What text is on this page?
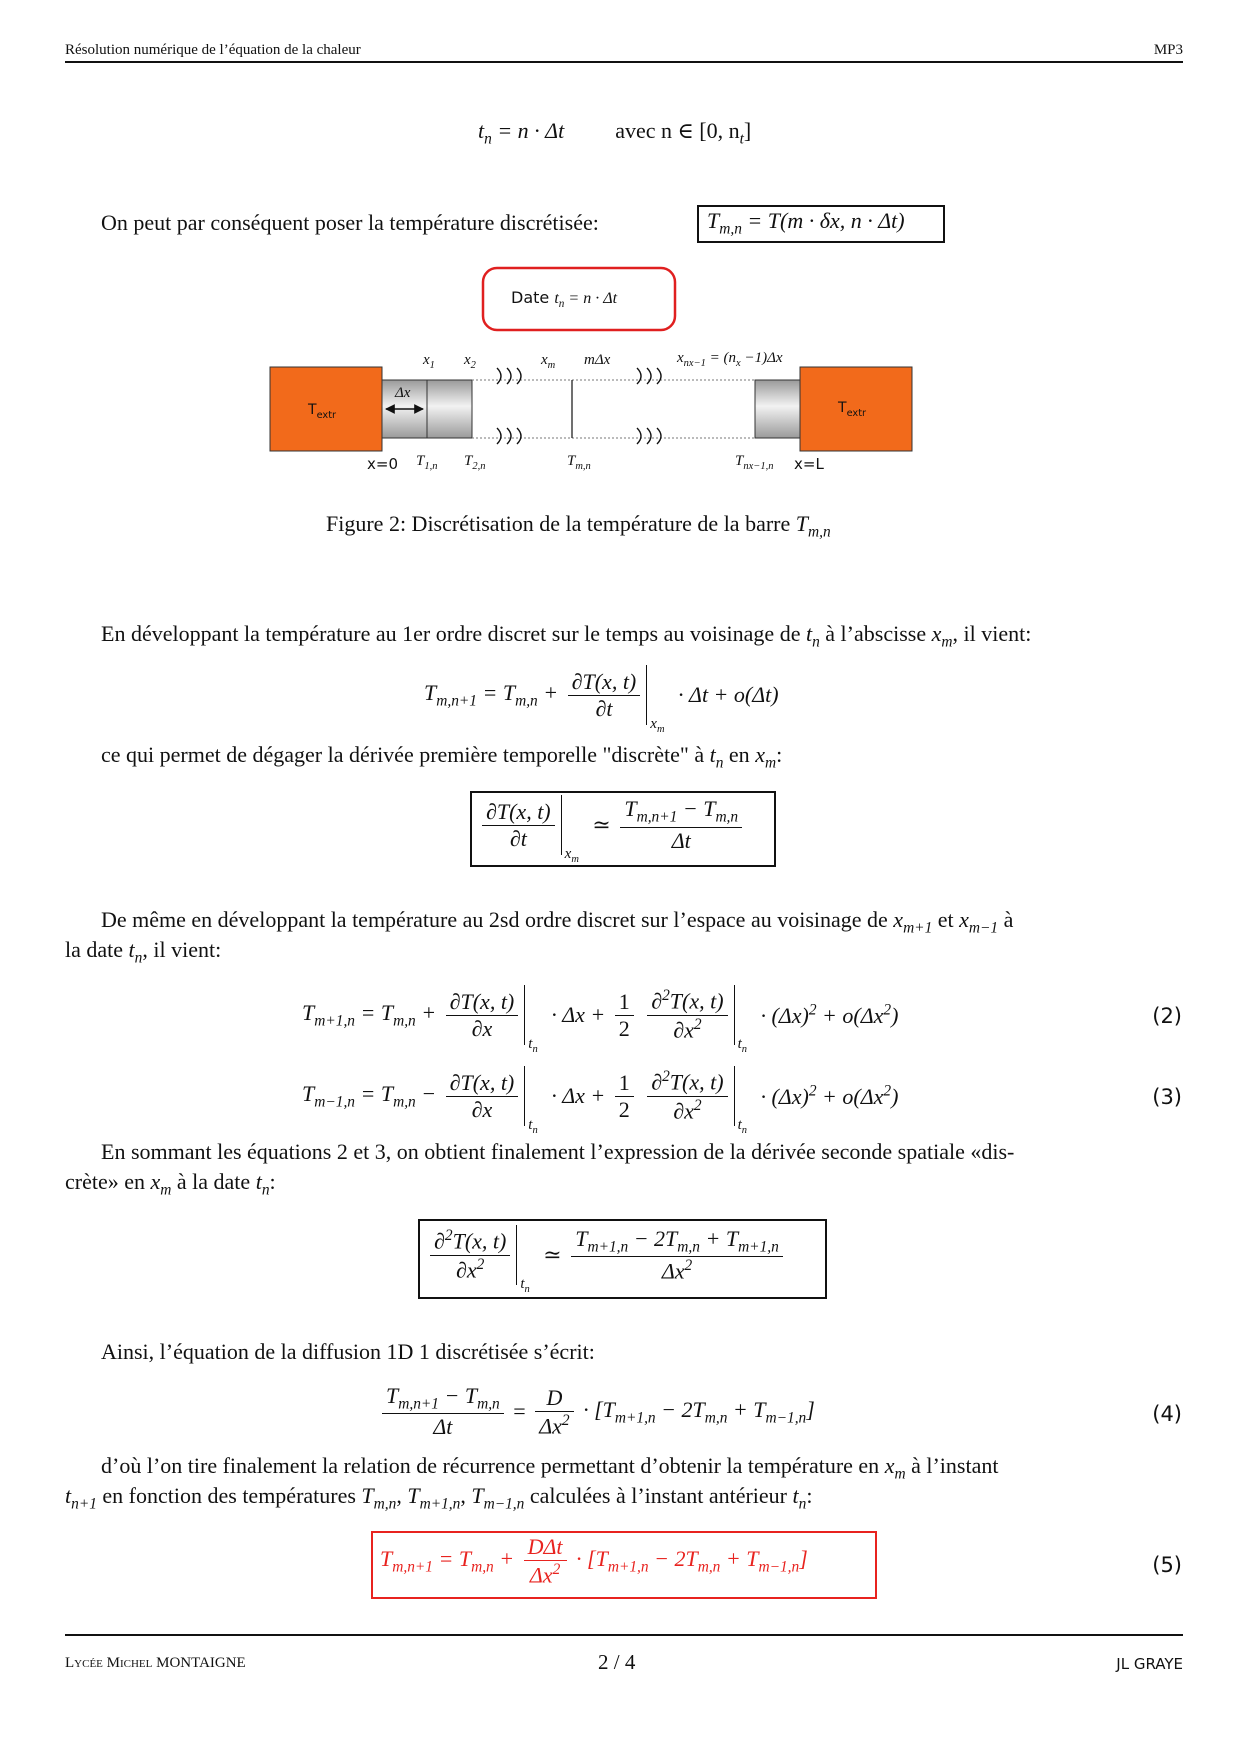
Résolution numérique de l’équation de la chaleur	MP3
$t_n = n \cdot \Delta t$ avec n ∈ [0, $n_t$]
On peut par conséquent poser la température discrétisée:	$T_{m,n} = T(m \cdot \delta x$, n · Δt)
Date $t_n = n \cdot \Delta t$
$T_{extr}$	$T_{extr}$
Δx
$x_1$ $x_2$	$x_m$ mΔx	$x_{nx-1} = (n_x -1)\Delta x$
x=0 $T_{1,n}$ $T_{2,n}$	$T_{m,n}$	$T_{nx-1,n}$ x=L
Figure 2: Discrétisation de la température de la barre $T_{m,n}$
En développant la température au 1er ordre discret sur le temps au voisinage de $t_n$ à l’abscisse $x_m$, il vient:
$T_{m,n+1} = T_{m,n} + \frac{\partial T(x, t)}{\partial t}$
$x_m \cdot \Delta t + o(\Delta t)$
ce qui permet de dégager la dérivée première temporelle "discrète" à $t_n$ en $x_m$:
$\frac{\partial T(x, t)}{\partial t}$
$x_m$ ≃ $\frac{T_{m,n+1} - T_{m,n}}{\Delta t}$
De même en développant la température au 2sd ordre discret sur l’espace au voisinage de $x_{m+1}$ et $x_{m-1}$ à
la date $t_n$, il vient:
$T_{m+1,n} = T_{m,n} + \frac{\partial T(x, t)}{\partial x}$
$t_n \cdot \Delta x + \frac{1}{2}$
$\frac{\partial^2T(x, t)}{\partial x^2}$
$t_n \cdot (\Delta x)^2 + o(\Delta x^2)$	(2)
$T_{m-1,n} = T_{m,n} - \frac{\partial T(x, t)}{\partial x}$
$t_n \cdot \Delta x + \frac{1}{2}$
$\frac{\partial^2T(x, t)}{\partial x^2}$
$t_n \cdot (\Delta x)^2 + o(\Delta x^2)$	(3)
En sommant les équations 2 et 3, on obtient finalement l’expression de la dérivée seconde spatiale «dis-
crète» en $x_m$ à la date $t_n$:
$\frac{\partial^2T(x, t)}{\partial x^2}$
$t_n$ ≃ $\frac{T_{m+1,n} - 2T_{m,n} + T_{m+1,n}}{\Delta x^2}$
Ainsi, l’équation de la diffusion 1D 1 discrétisée s’écrit:
$\frac{T_{m,n+1} - T_{m,n}}{\Delta t} = \frac{D}{\Delta x^2} \cdot [T_{m+1,n} - 2T_{m,n} + T_{m-1,n}]$	(4)
d’où l’on tire finalement la relation de récurrence permettant d’obtenir la température en $x_m$ à l’instant
$t_{n+1}$ en fonction des températures $T_{m,n}$, $T_{m+1,n}$, $T_{m-1,n}$ calculées à l’instant antérieur $t_n$:
$T_{m,n+1} = T_{m,n} + \frac{\text{DΔt}}{\Delta x^2} \cdot [T_{m+1,n} - 2T_{m,n} + T_{m-1,n}]$	(5)
Lycée Michel MONTAIGNE	2 / 4	JL GRAYE
